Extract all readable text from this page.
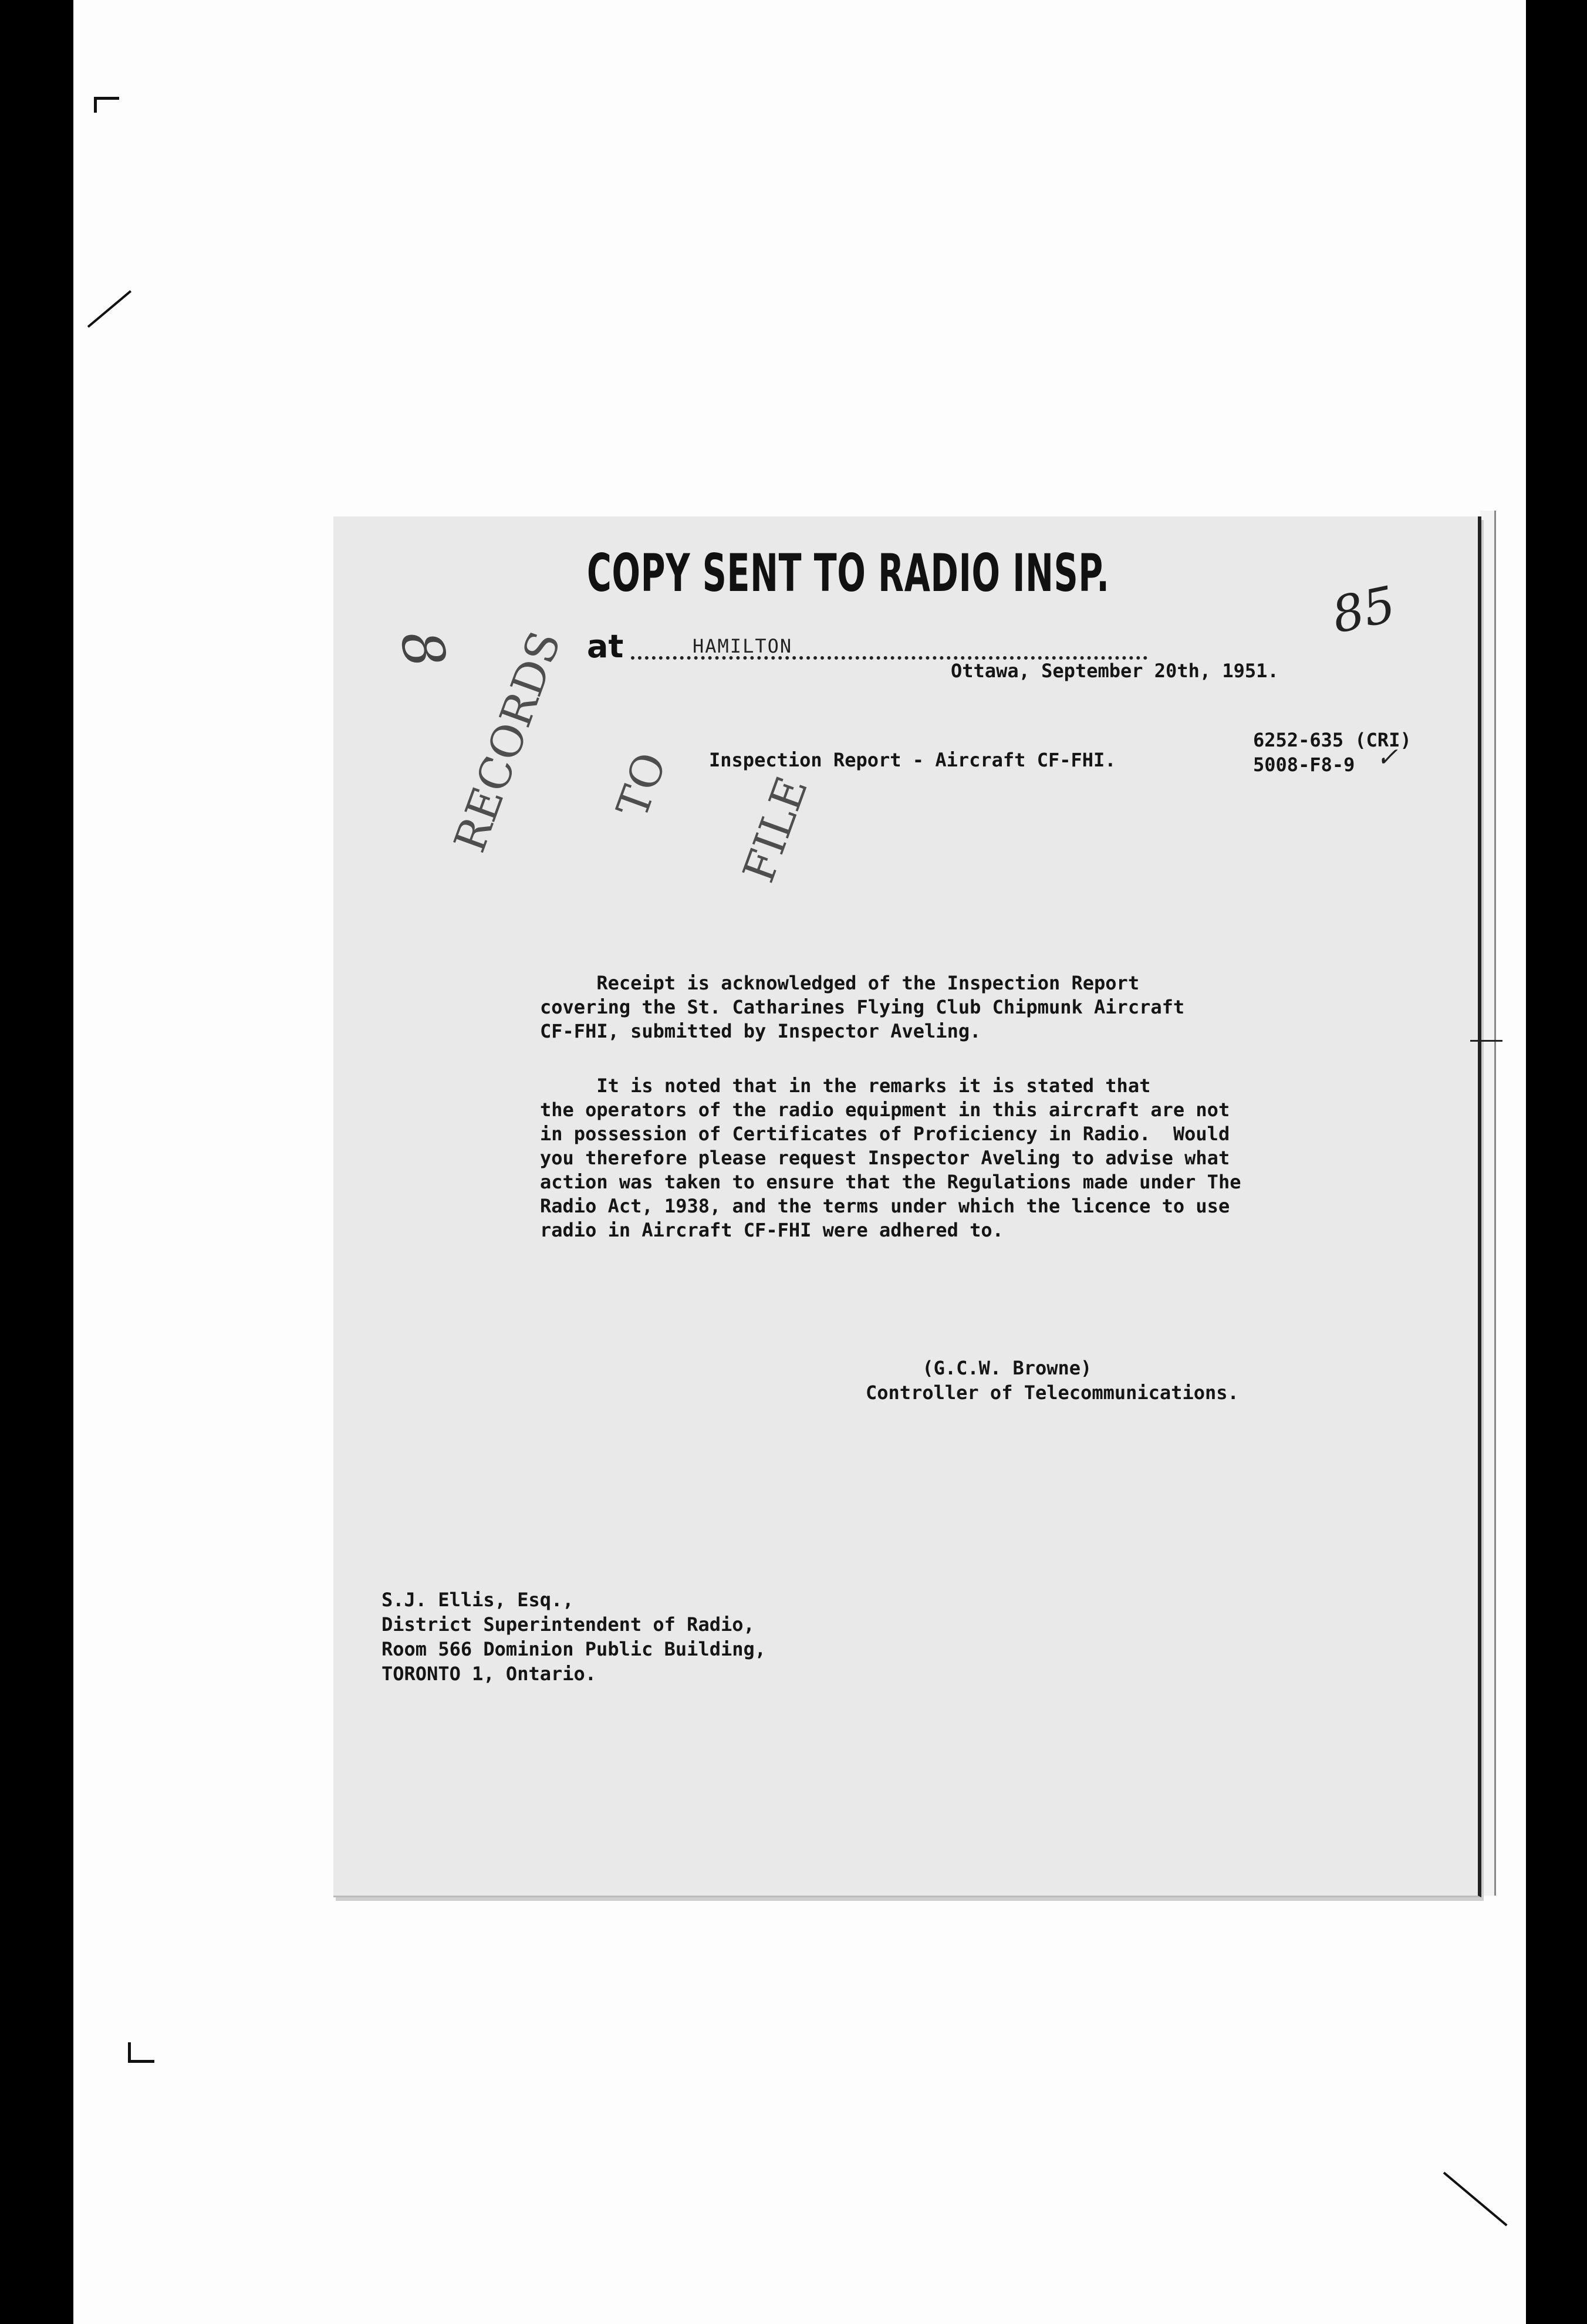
COPY SENT TO RADIO INSP.
at	HAMILTON
85
8	Ottawa, September 20th, 1951.
Inspection Report - Aircraft CF-FHI.
6252-635 (CRI)
5008-F8-9 ✓

RECORDS

TO

	FILE

Receipt is acknowledged of the Inspection Report
covering the St. Catharines Flying Club Chipmunk Aircraft
CF-FHI, submitted by Inspector Aveling.
It is noted that in the remarks it is stated that
the operators of the radio equipment in this aircraft are not
in possession of Certificates of Proficiency in Radio.  Would
you therefore please request Inspector Aveling to advise what
action was taken to ensure that the Regulations made under The
Radio Act, 1938, and the terms under which the licence to use
radio in Aircraft CF-FHI were adhered to.
(G.C.W. Browne)
Controller of Telecommunications.
S.J. Ellis, Esq.,
District Superintendent of Radio,
Room 566 Dominion Public Building,
TORONTO 1, Ontario.
